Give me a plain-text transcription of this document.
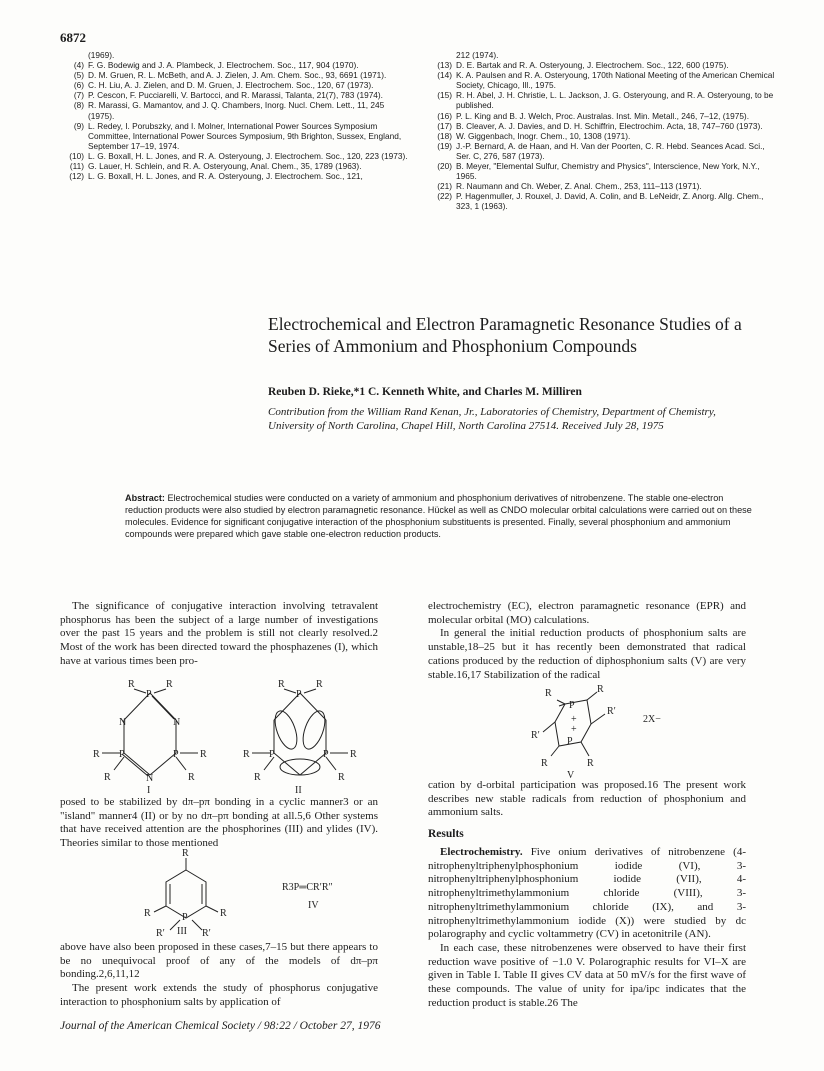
6872
(1969).
(4) F. G. Bodewig and J. A. Plambeck, J. Electrochem. Soc., 117, 904 (1970).
(5) D. M. Gruen, R. L. McBeth, and A. J. Zielen, J. Am. Chem. Soc., 93, 6691 (1971).
(6) C. H. Liu, A. J. Zielen, and D. M. Gruen, J. Electrochem. Soc., 120, 67 (1973).
(7) P. Cescon, F. Pucciarelli, V. Bartocci, and R. Marassi, Talanta, 21(7), 783 (1974).
(8) R. Marassi, G. Mamantov, and J. Q. Chambers, Inorg. Nucl. Chem. Lett., 11, 245 (1975).
(9) L. Redey, I. Porubszky, and I. Molner, International Power Sources Symposium Committee, International Power Sources Symposium, 9th Brighton, Sussex, England, September 17–19, 1974.
(10) L. G. Boxall, H. L. Jones, and R. A. Osteryoung, J. Electrochem. Soc., 120, 223 (1973).
(11) G. Lauer, H. Schlein, and R. A. Osteryoung, Anal. Chem., 35, 1789 (1963).
(12) L. G. Boxall, H. L. Jones, and R. A. Osteryoung, J. Electrochem. Soc., 121,
212 (1974).
(13) D. E. Bartak and R. A. Osteryoung, J. Electrochem. Soc., 122, 600 (1975).
(14) K. A. Paulsen and R. A. Osteryoung, 170th National Meeting of the American Chemical Society, Chicago, Ill., 1975.
(15) R. H. Abel, J. H. Christie, L. L. Jackson, J. G. Osteryoung, and R. A. Osteryoung, to be published.
(16) P. L. King and B. J. Welch, Proc. Australas. Inst. Min. Metall., 246, 7–12, (1975).
(17) B. Cleaver, A. J. Davies, and D. H. Schiffrin, Electrochim. Acta, 18, 747–760 (1973).
(18) W. Giggenbach, Inogr. Chem., 10, 1308 (1971).
(19) J.-P. Bernard, A. de Haan, and H. Van der Poorten, C. R. Hebd. Seances Acad. Sci., Ser. C, 276, 587 (1973).
(20) B. Meyer, "Elemental Sulfur, Chemistry and Physics", Interscience, New York, N.Y., 1965.
(21) R. Naumann and Ch. Weber, Z. Anal. Chem., 253, 111–113 (1971).
(22) P. Hagenmuller, J. Rouxel, J. David, A. Colin, and B. LeNeidr, Z. Anorg. Allg. Chem., 323, 1 (1963).
Electrochemical and Electron Paramagnetic Resonance Studies of a Series of Ammonium and Phosphonium Compounds
Reuben D. Rieke,*1 C. Kenneth White, and Charles M. Milliren
Contribution from the William Rand Kenan, Jr., Laboratories of Chemistry, Department of Chemistry, University of North Carolina, Chapel Hill, North Carolina 27514. Received July 28, 1975
Abstract: Electrochemical studies were conducted on a variety of ammonium and phosphonium derivatives of nitrobenzene. The stable one-electron reduction products were also studied by electron paramagnetic resonance. Hückel as well as CNDO molecular orbital calculations were carried out on these molecules. Evidence for significant conjugative interaction of the phosphonium substituents is presented. Finally, several phosphonium and ammonium compounds were prepared which gave stable one-electron reduction products.

The significance of conjugative interaction involving tetravalent phosphorus has been the subject of a large number of investigations over the past 15 years and the problem is still not clearly resolved.2 Most of the work has been directed toward the phosphazenes (I), which have at various times been pro-

R	R
P
N	N
R P	P R
N
R	R
I
R	R
P
R P	P R
R	R
II

posed to be stabilized by dπ–pπ bonding in a cyclic manner3 or an "island" manner4 (II) or by no dπ–pπ bonding at all.5,6 Other systems that have received attention are the phosphorines (III) and ylides (IV). Theories similar to those mentioned

R
R	R
P
R′	R′
R3P═CR′R″
IV
III

above have also been proposed in these cases,7–15 but there appears to be no unequivocal proof of any of the models of dπ–pπ bonding.2,6,11,12

The present work extends the study of phosphorus conjugative interaction to phosphonium salts by application of

electrochemistry (EC), electron paramagnetic resonance (EPR) and molecular orbital (MO) calculations.

In general the initial reduction products of phosphonium salts are unstable,18–25 but it has recently been demonstrated that radical cations produced by the reduction of diphosphonium salts (V) are very stable.16,17 Stabilization of the radical

R	R
R′
P
+
+
P
R′
R	R
2X−
V

cation by d-orbital participation was proposed.16 The present work describes new stable radicals from reduction of phosphonium and ammonium salts.

Results

Electrochemistry. Five onium derivatives of nitrobenzene (4-nitrophenyltriphenylphosphonium iodide (VI), 3-nitrophenyltriphenylphosphonium iodide (VII), 4-nitrophenyltrimethylammonium chloride (VIII), 3-nitrophenyltrimethylammonium chloride (IX), and 3-nitrophenyltrimethylammonium iodide (X)) were studied by dc polarography and cyclic voltammetry (CV) in acetonitrile (AN).

In each case, these nitrobenzenes were observed to have their first reduction wave positive of −1.0 V. Polarographic results for VI–X are given in Table I. Table II gives CV data at 50 mV/s for the first wave of these compounds. The value of unity for ipa/ipc indicates that the reduction product is stable.26 The

Journal of the American Chemical Society / 98:22 / October 27, 1976
